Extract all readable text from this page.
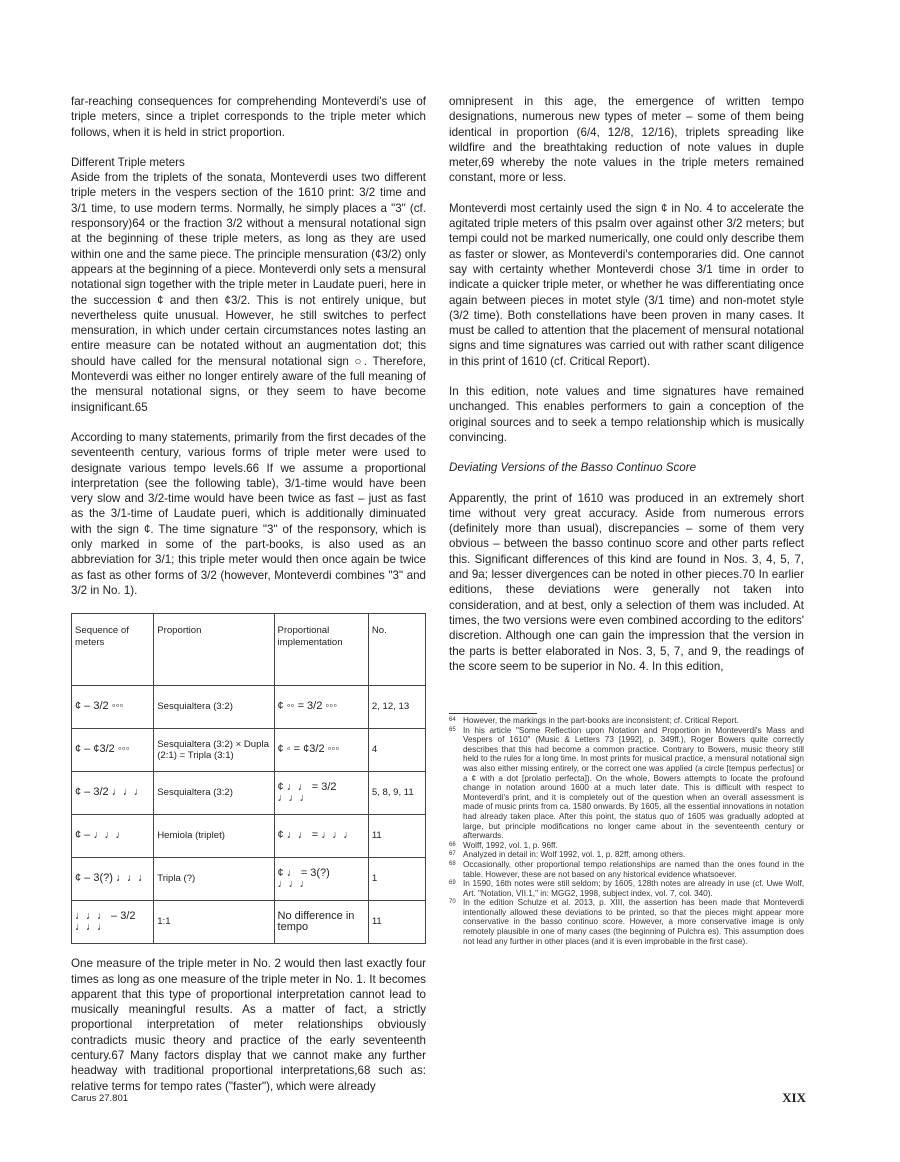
far-reaching consequences for comprehending Monteverdi's use of triple meters, since a triplet corresponds to the triple meter which follows, when it is held in strict proportion.

Different Triple meters

Aside from the triplets of the sonata, Monteverdi uses two different triple meters in the vespers section of the 1610 print: 3/2 time and 3/1 time, to use modern terms. Normally, he simply places a "3" (cf. responsory)64 or the fraction 3/2 without a mensural notational sign at the beginning of these triple meters, as long as they are used within one and the same piece. The principle mensuration (¢3/2) only appears at the beginning of a piece. Monteverdi only sets a mensural notational sign together with the triple meter in Laudate pueri, here in the succession ¢ and then ¢3/2. This is not entirely unique, but nevertheless quite unusual. However, he still switches to perfect mensuration, in which under certain circumstances notes lasting an entire measure can be notated without an augmentation dot; this should have called for the mensural notational sign ○. Therefore, Monteverdi was either no longer entirely aware of the full meaning of the mensural notational signs, or they seem to have become insignificant.65

According to many statements, primarily from the first decades of the seventeenth century, various forms of triple meter were used to designate various tempo levels.66 If we assume a proportional interpretation (see the following table), 3/1-time would have been very slow and 3/2-time would have been twice as fast – just as fast as the 3/1-time of Laudate pueri, which is additionally diminuated with the sign ¢. The time signature "3" of the responsory, which is only marked in some of the part-books, is also used as an abbreviation for 3/1; this triple meter would then once again be twice as fast as other forms of 3/2 (however, Monteverdi combines "3" and 3/2 in No. 1).

Sequence of meters	Proportion	Proportional implementation	No.
¢ – 3/2 ◦◦◦	Sesquialtera (3:2)	¢ ◦◦ = 3/2 ◦◦◦	2, 12, 13
¢ – ¢3/2 ◦◦◦	Sesquialtera (3:2) × Dupla (2:1) = Tripla (3:1)	¢ ◦ = ¢3/2 ◦◦◦	4
¢ – 3/2 ♩♩♩	Sesquialtera (3:2)	¢ ♩♩ = 3/2 ♩♩♩	5, 8, 9, 11
¢ – ♩♩♩	Hemiola (triplet)	¢ ♩♩ = ♩♩♩	11
¢ – 3(?) ♩♩♩	Tripla (?)	¢ ♩ = 3(?) ♩♩♩	1
♩♩♩ – 3/2 ♩♩♩	1:1	No difference in tempo	11

One measure of the triple meter in No. 2 would then last exactly four times as long as one measure of the triple meter in No. 1. It becomes apparent that this type of proportional interpretation cannot lead to musically meaningful results. As a matter of fact, a strictly proportional interpretation of meter relationships obviously contradicts music theory and practice of the early seventeenth century.67 Many factors display that we cannot make any further headway with traditional proportional interpretations,68 such as: relative terms for tempo rates ("faster"), which were already

omnipresent in this age, the emergence of written tempo designations, numerous new types of meter – some of them being identical in proportion (6/4, 12/8, 12/16), triplets spreading like wildfire and the breathtaking reduction of note values in duple meter,69 whereby the note values in the triple meters remained constant, more or less.

Monteverdi most certainly used the sign ¢ in No. 4 to accelerate the agitated triple meters of this psalm over against other 3/2 meters; but tempi could not be marked numerically, one could only describe them as faster or slower, as Monteverdi's contemporaries did. One cannot say with certainty whether Monteverdi chose 3/1 time in order to indicate a quicker triple meter, or whether he was differentiating once again between pieces in motet style (3/1 time) and non-motet style (3/2 time). Both constellations have been proven in many cases. It must be called to attention that the placement of mensural notational signs and time signatures was carried out with rather scant diligence in this print of 1610 (cf. Critical Report).

In this edition, note values and time signatures have remained unchanged. This enables performers to gain a conception of the original sources and to seek a tempo relationship which is musically convincing.

Deviating Versions of the Basso Continuo Score

Apparently, the print of 1610 was produced in an extremely short time without very great accuracy. Aside from numerous errors (definitely more than usual), discrepancies – some of them very obvious – between the basso continuo score and other parts reflect this. Significant differences of this kind are found in Nos. 3, 4, 5, 7, and 9a; lesser divergences can be noted in other pieces.70 In earlier editions, these deviations were generally not taken into consideration, and at best, only a selection of them was included. At times, the two versions were even combined according to the editors' discretion. Although one can gain the impression that the version in the parts is better elaborated in Nos. 3, 5, 7, and 9, the readings of the score seem to be superior in No. 4. In this edition,

64 However, the markings in the part-books are inconsistent; cf. Critical Report.
65 In his article "Some Reflection upon Notation and Proportion in Monteverdi's Mass and Vespers of 1610" (Music & Letters 73 [1992], p. 349ff.), Roger Bowers quite correctly describes that this had become a common practice. Contrary to Bowers, music theory still held to the rules for a long time. In most prints for musical practice, a mensural notational sign was also either missing entirely, or the correct one was applied (a circle [tempus perfectus] or a ¢ with a dot [prolatio perfecta]). On the whole, Bowers attempts to locate the profound change in notation around 1600 at a much later date. This is difficult with respect to Monteverdi's print, and it is completely out of the question when an overall assessment is made of music prints from ca. 1580 onwards. By 1605, all the essential innovations in notation had already taken place. After this point, the status quo of 1605 was gradually adopted at large, but principle modifications no longer came about in the seventeenth century or afterwards.
66 Wolff, 1992, vol. 1, p. 96ff.
67 Analyzed in detail in: Wolf 1992, vol. 1, p. 82ff, among others.
68 Occasionally, other proportional tempo relationships are named than the ones found in the table. However, these are not based on any historical evidence whatsoever.
69 In 1590, 16th notes were still seldom; by 1605, 128th notes are already in use (cf. Uwe Wolf, Art. "Notation, VII.1," in: MGG2, 1998, subject index, vol. 7, col. 340).
70 In the edition Schulze et al. 2013, p. XIII, the assertion has been made that Monteverdi intentionally allowed these deviations to be printed, so that the pieces might appear more conservative in the basso continuo score. However, a more conservative image is only remotely plausible in one of many cases (the beginning of Pulchra es). This assumption does not lead any further in other places (and it is even improbable in the first case).
Carus 27.801	XIX
